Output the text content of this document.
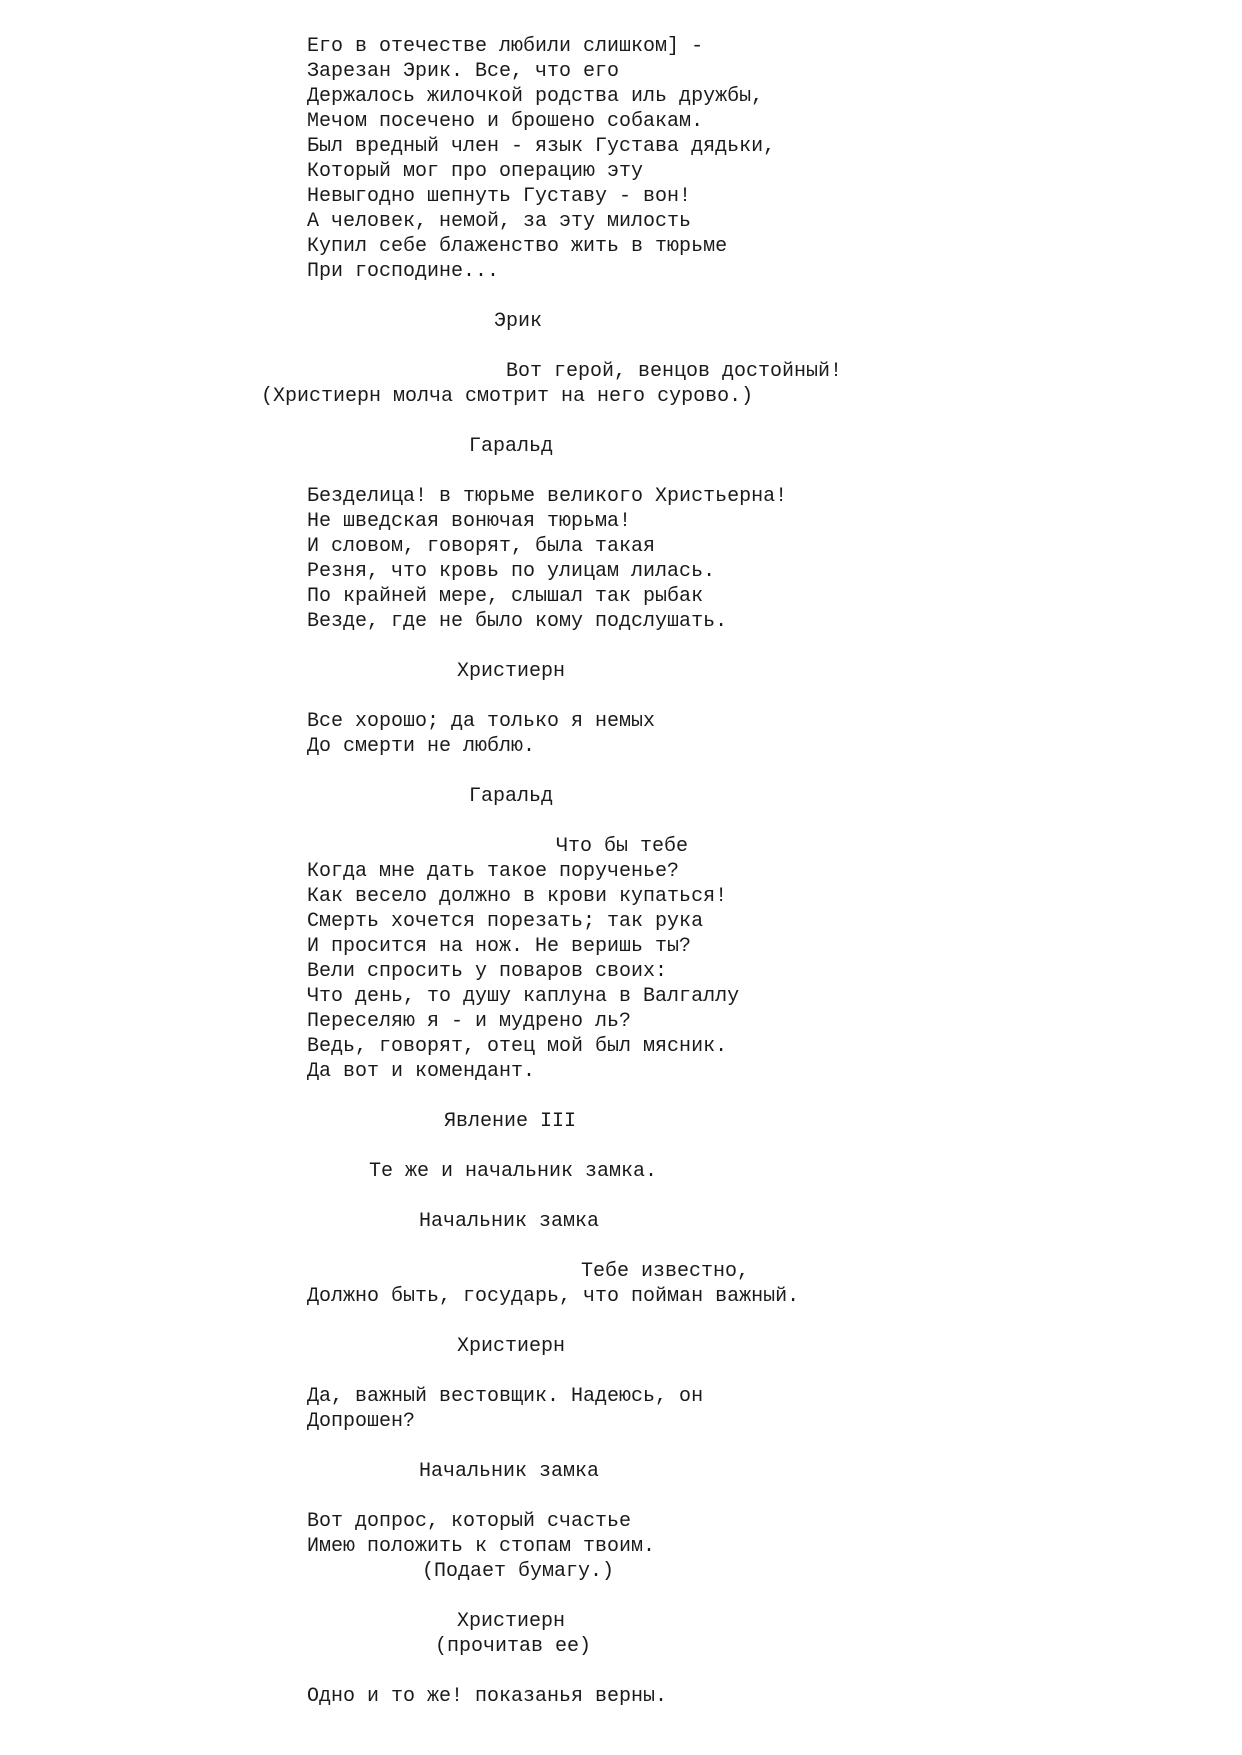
Его в отечестве любили слишком] -

Зарезан Эрик. Все, что его

Держалось жилочкой родства иль дружбы,

Мечом посечено и брошено собакам.

Был вредный член - язык Густава дядьки,

Который мог про операцию эту

Невыгодно шепнуть Густаву - вон!

А человек, немой, за эту милость

Купил себе блаженство жить в тюрьме

При господине...

Эрик

Вот герой, венцов достойный!

(Христиерн молча смотрит на него сурово.)

Гаральд

Безделица! в тюрьме великого Христьерна!

Не шведская вонючая тюрьма!

И словом, говорят, была такая

Резня, что кровь по улицам лилась.

По крайней мере, слышал так рыбак

Везде, где не было кому подслушать.

Христиерн

Все хорошо; да только я немых

До смерти не люблю.

Гаральд

Что бы тебе

Когда мне дать такое порученье?

Как весело должно в крови купаться!

Смерть хочется порезать; так рука

И просится на нож. Не веришь ты?

Вели спросить у поваров своих:

Что день, то душу каплуна в Валгаллу

Переселяю я - и мудрено ль?

Ведь, говорят, отец мой был мясник.

Да вот и комендант.

Явление III

Те же и начальник замка.

Начальник замка

Тебе известно,

Должно быть, государь, что пойман важный.

Христиерн

Да, важный вестовщик. Надеюсь, он

Допрошен?

Начальник замка

Вот допрос, который счастье

Имею положить к стопам твоим.

(Подает бумагу.)

Христиерн

(прочитав ее)

Одно и то же! показанья верны.
